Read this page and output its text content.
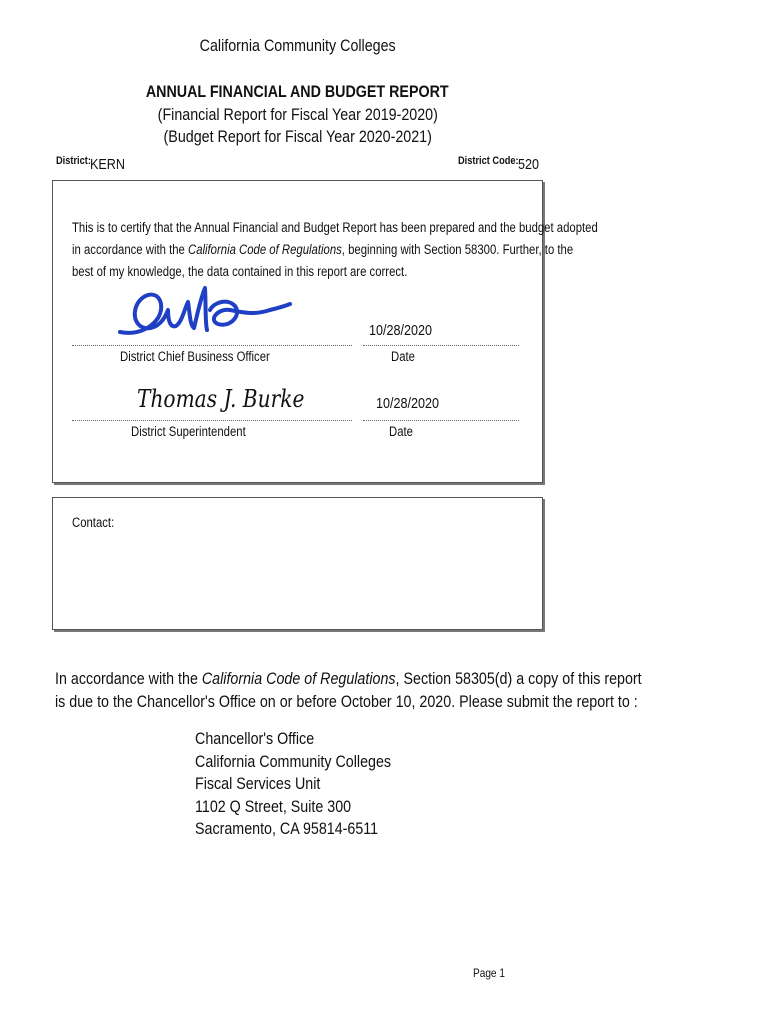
California Community Colleges
ANNUAL FINANCIAL AND BUDGET REPORT
(Financial Report for Fiscal Year 2019-2020)
(Budget Report for Fiscal Year 2020-2021)
District: KERN	District Code: 520

This is to certify that the Annual Financial and Budget Report has been prepared and the budget adopted

in accordance with the California Code of Regulations, beginning with Section 58300. Further, to the

best of my knowledge, the data contained in this report are correct.

10/28/2020
District Chief Business Officer	Date
Thomas J. Burke	10/28/2020
District Superintendent	Date
Contact:

In accordance with the California Code of Regulations, Section 58305(d) a copy of this report

is due to the Chancellor's Office on or before October 10, 2020. Please submit the report to :

Chancellor's Office
California Community Colleges
Fiscal Services Unit
1102 Q Street, Suite 300
Sacramento, CA 95814-6511
Page 1
